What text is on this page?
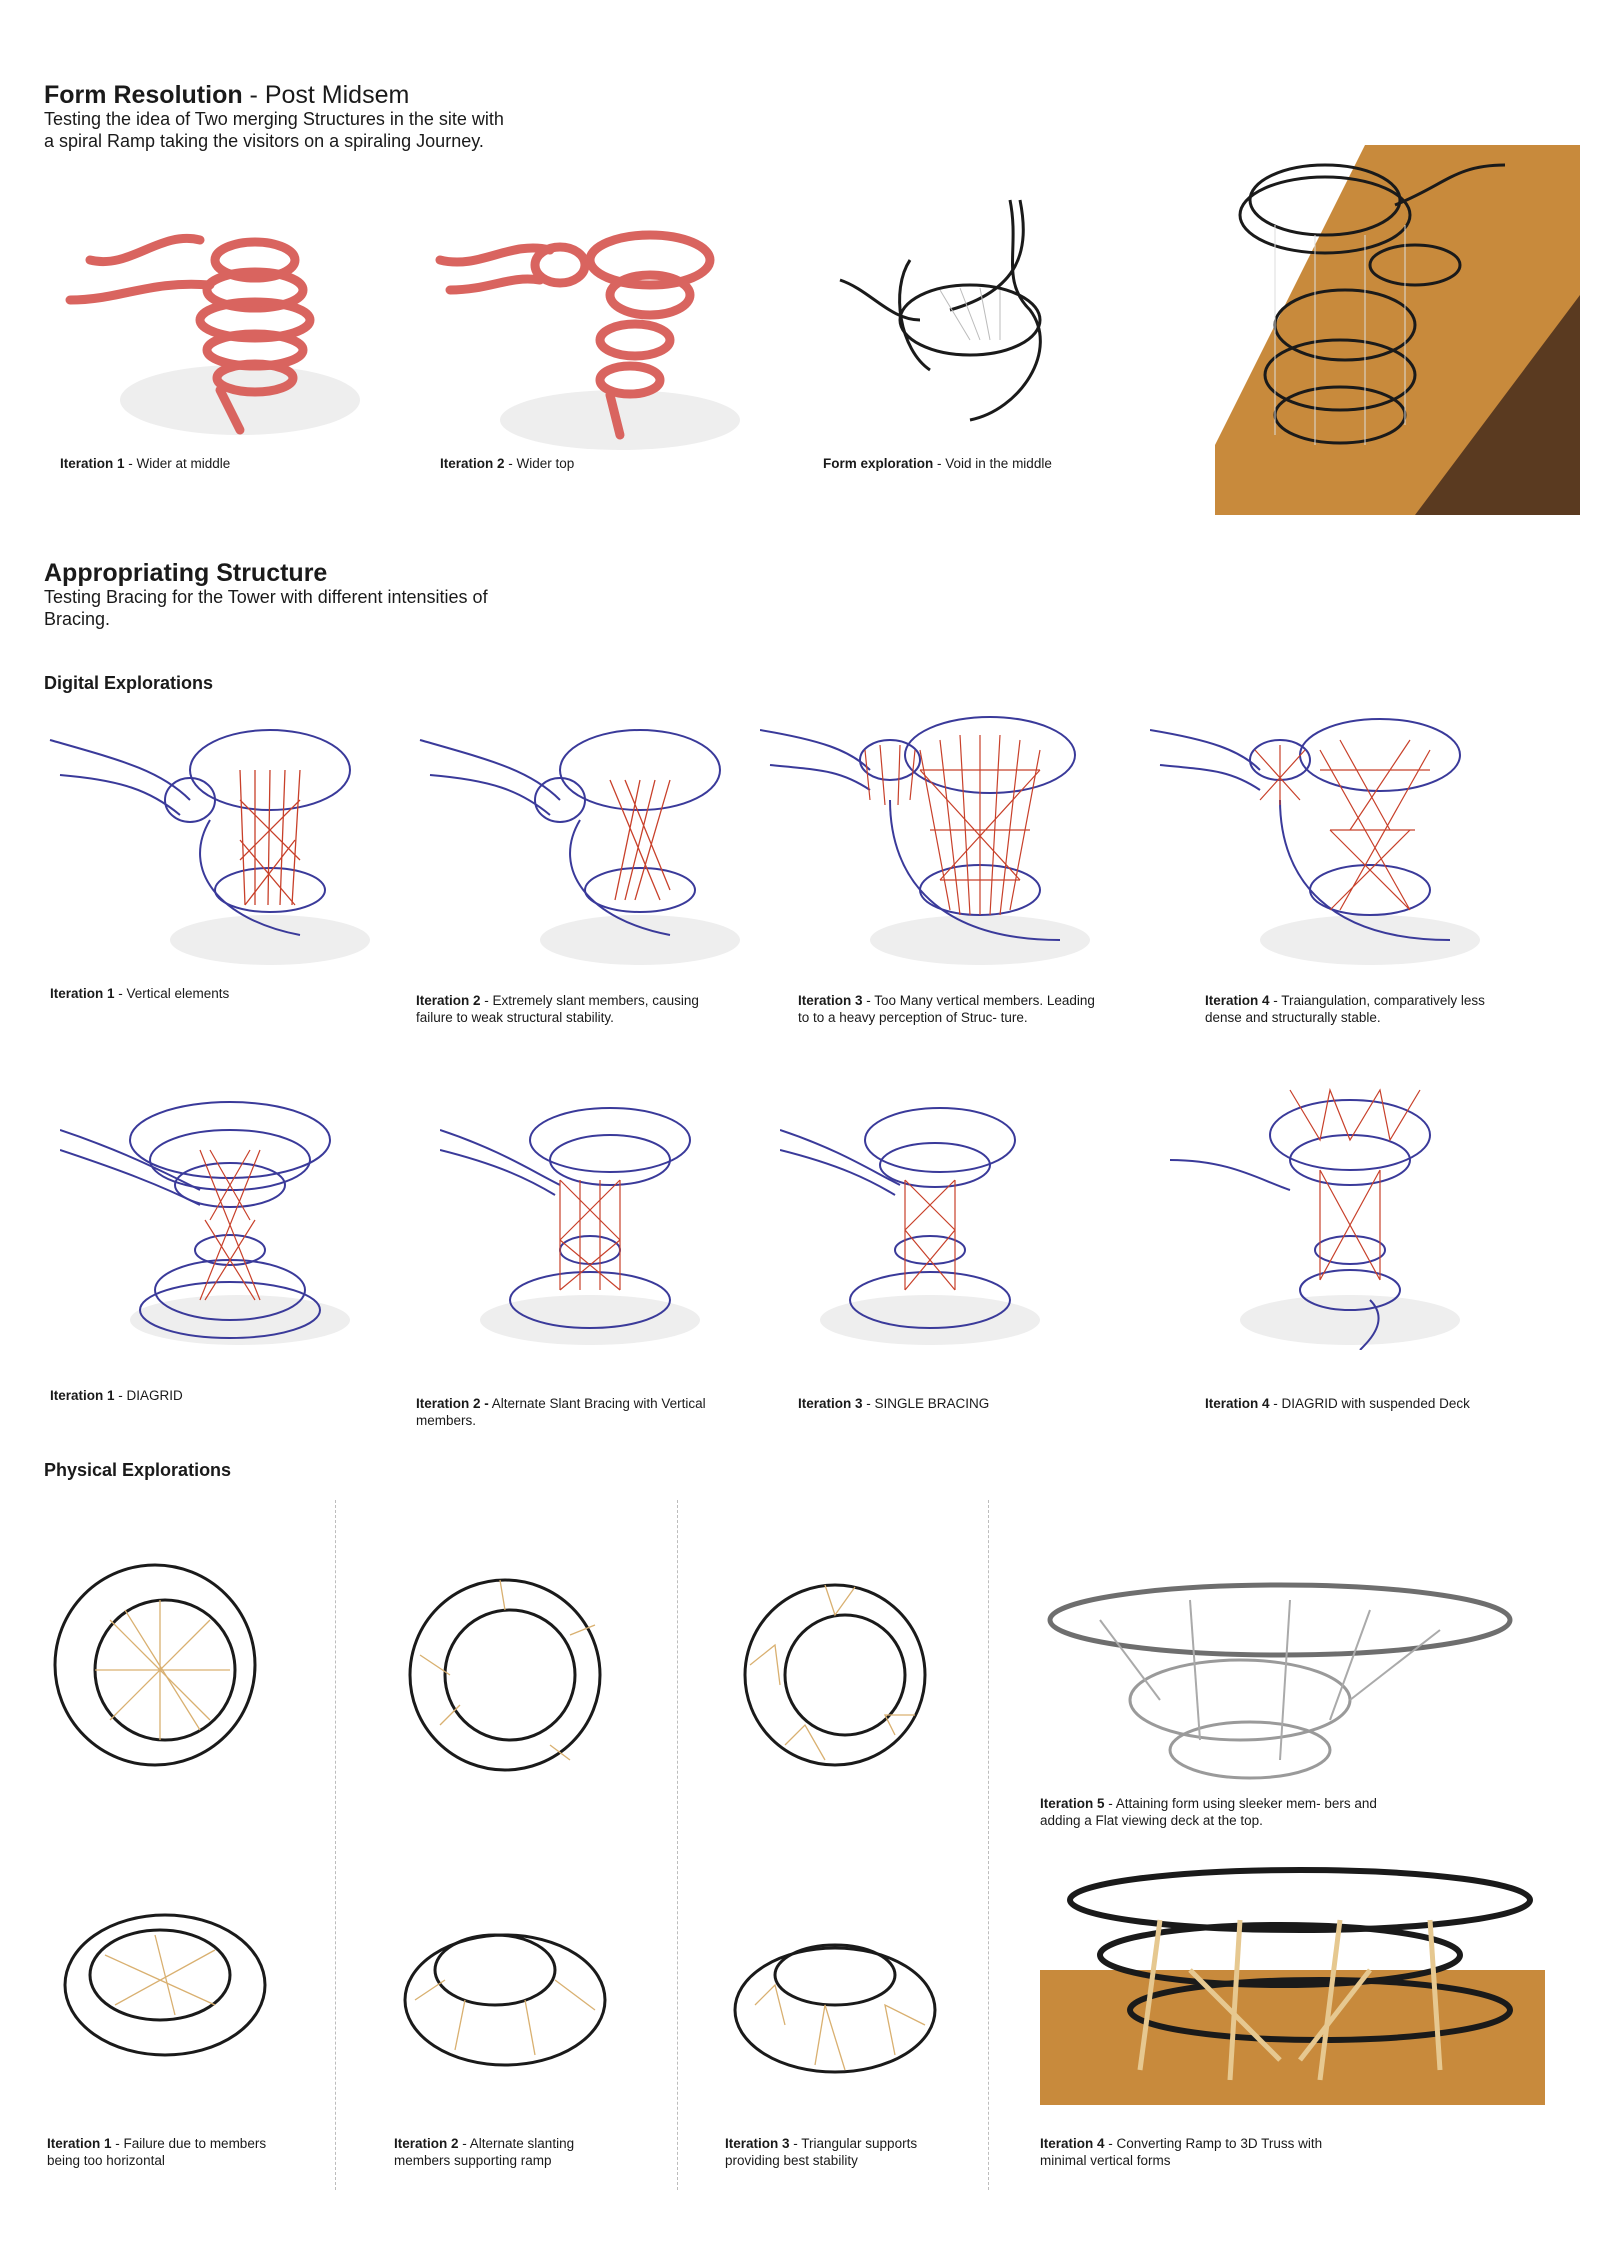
Form Resolution - Post Midsem
Testing the idea of Two merging Structures in the site with a spiral Ramp taking the visitors on a spiraling Journey.
Iteration 1 - Wider at middle	Iteration 2 - Wider top	Form exploration - Void in the middle
Appropriating Structure
Testing Bracing for the Tower with different intensities of Bracing.
Digital Explorations
Iteration 1 - Vertical elements	Iteration 2 - Extremely slant members, causing failure to weak structural stability.
Iteration 3 - Too Many vertical members. Leading to to a heavy perception of Struc- ture.
Iteration 4 - Traiangulation, comparatively less dense and structurally stable.
Iteration 1 - DIAGRID
Iteration 2 - Alternate Slant Bracing with Vertical members.
Iteration 3 - SINGLE BRACING	Iteration 4 - DIAGRID with suspended Deck
Physical Explorations
Iteration 1 - Failure due to members being too horizontal
Iteration 2 - Alternate slanting members supporting ramp
Iteration 3 - Triangular supports providing best stability
Iteration 5 - Attaining form using sleeker mem- bers and adding a Flat viewing deck at the top.
Iteration 4 - Converting Ramp to 3D Truss with minimal vertical forms
